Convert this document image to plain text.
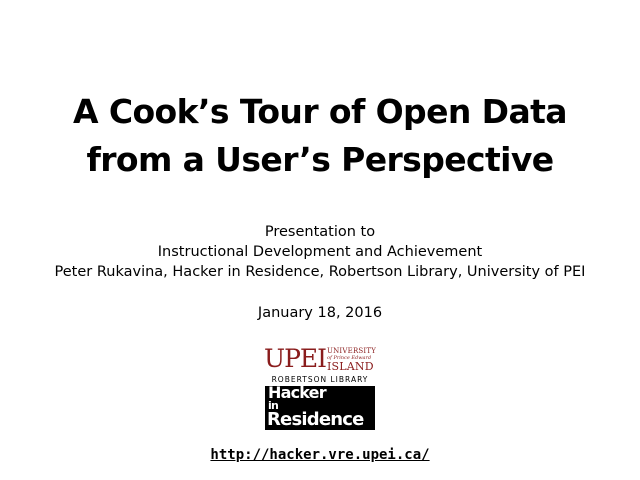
A Cook’s Tour of Open Data
from a User’s Perspective
Presentation to
Instructional Development and Achievement
Peter Rukavina, Hacker in Residence, Robertson Library, University of PEI
January 18, 2016
UPEI UNIVERSITY
of Prince Edward
ISLAND
ROBERTSON LIBRARY
Hacker
in
Residence
http://hacker.vre.upei.ca/
